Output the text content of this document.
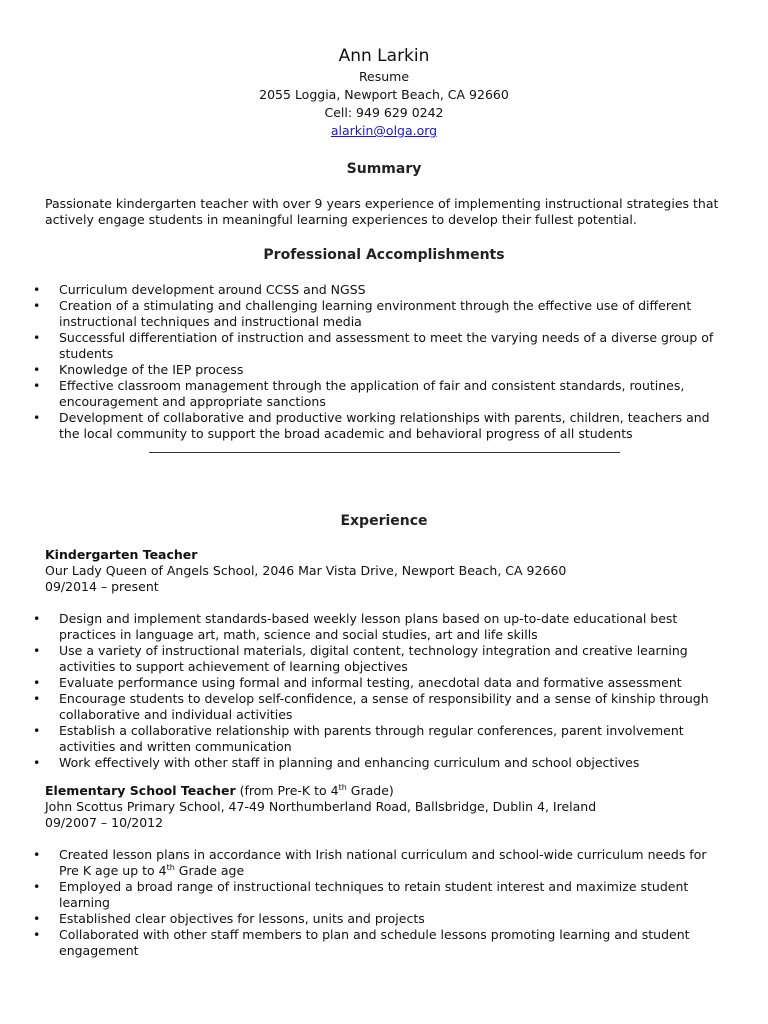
Ann Larkin
Resume
2055 Loggia, Newport Beach, CA 92660
Cell: 949 629 0242
alarkin@olga.org
Summary
Passionate kindergarten teacher with over 9 years experience of implementing instructional strategies that
actively engage students in meaningful learning experiences to develop their fullest potential.
Professional Accomplishments
• Curriculum development around CCSS and NGSS
• Creation of a stimulating and challenging learning environment through the effective use of different
instructional techniques and instructional media
• Successful differentiation of instruction and assessment to meet the varying needs of a diverse group of
students
• Knowledge of the IEP process
• Effective classroom management through the application of fair and consistent standards, routines,
encouragement and appropriate sanctions
• Development of collaborative and productive working relationships with parents, children, teachers and
the local community to support the broad academic and behavioral progress of all students
Experience
Kindergarten Teacher
Our Lady Queen of Angels School, 2046 Mar Vista Drive, Newport Beach, CA 92660
09/2014 – present
• Design and implement standards-based weekly lesson plans based on up-to-date educational best
practices in language art, math, science and social studies, art and life skills
• Use a variety of instructional materials, digital content, technology integration and creative learning
activities to support achievement of learning objectives
• Evaluate performance using formal and informal testing, anecdotal data and formative assessment
• Encourage students to develop self-confidence, a sense of responsibility and a sense of kinship through
collaborative and individual activities
• Establish a collaborative relationship with parents through regular conferences, parent involvement
activities and written communication
• Work effectively with other staff in planning and enhancing curriculum and school objectives
Elementary School Teacher (from Pre-K to 4th Grade)
John Scottus Primary School, 47-49 Northumberland Road, Ballsbridge, Dublin 4, Ireland
09/2007 – 10/2012
• Created lesson plans in accordance with Irish national curriculum and school-wide curriculum needs for
Pre K age up to 4th Grade age
• Employed a broad range of instructional techniques to retain student interest and maximize student
learning
• Established clear objectives for lessons, units and projects
• Collaborated with other staff members to plan and schedule lessons promoting learning and student
engagement
